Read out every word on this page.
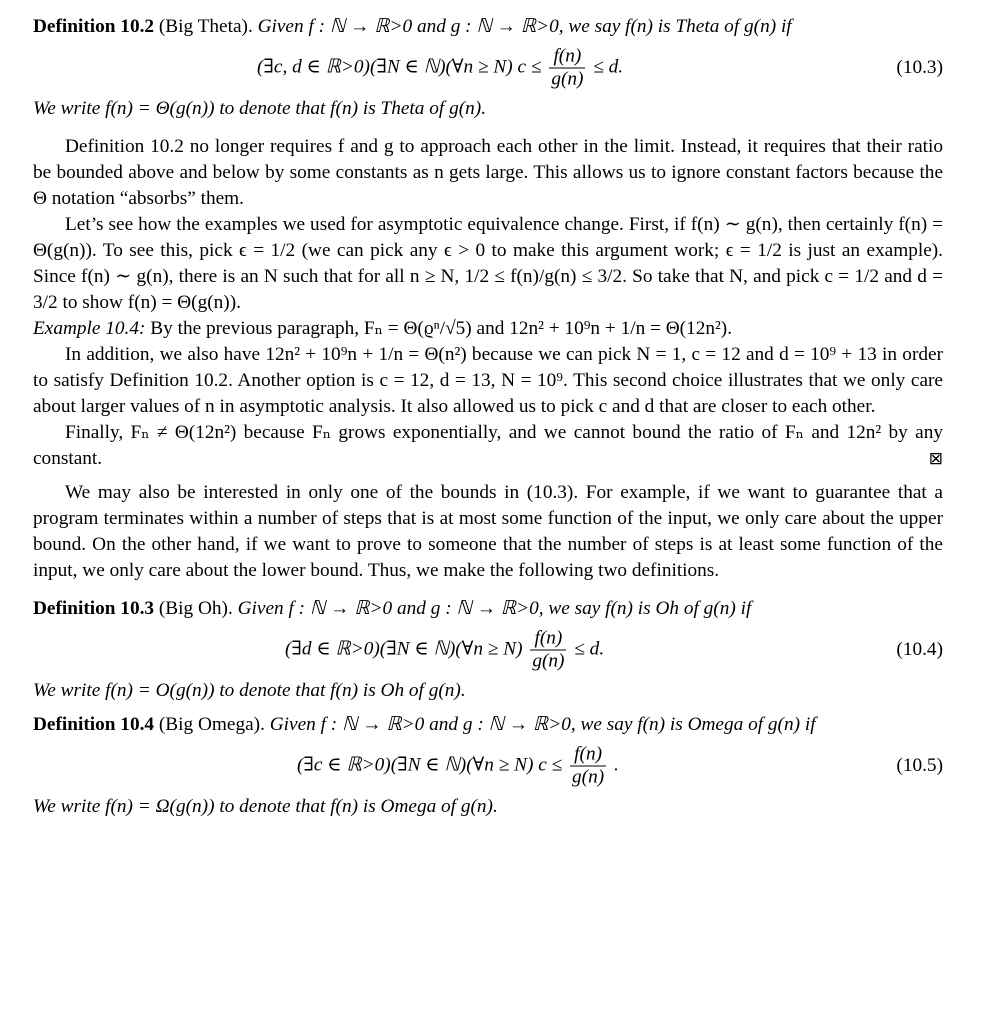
Definition 10.2 (Big Theta). Given f : ℕ → ℝ>0 and g : ℕ → ℝ>0, we say f(n) is Theta of g(n) if

(∃c, d ∈ ℝ>0)(∃N ∈ ℕ)(∀n ≥ N) $c \le \frac{f(n)}{g(n)} \le d$.	(10.3)

We write f(n) = Θ(g(n)) to denote that f(n) is Theta of g(n).

Definition 10.2 no longer requires f and g to approach each other in the limit. Instead, it requires that their ratio be bounded above and below by some constants as n gets large. This allows us to ignore constant factors because the Θ notation “absorbs” them.

Let’s see how the examples we used for asymptotic equivalence change. First, if f(n) ∼ g(n), then certainly f(n) = Θ(g(n)). To see this, pick ϵ = 1/2 (we can pick any ϵ > 0 to make this argument work; ϵ = 1/2 is just an example). Since f(n) ∼ g(n), there is an N such that for all n ≥ N, 1/2 ≤ f(n)/g(n) ≤ 3/2. So take that N, and pick c = 1/2 and d = 3/2 to show f(n) = Θ(g(n)).

Example 10.4: By the previous paragraph, Fₙ = Θ(ϱⁿ/√5) and 12n² + 10⁹n + 1/n = Θ(12n²).

In addition, we also have 12n² + 10⁹n + 1/n = Θ(n²) because we can pick N = 1, c = 12 and d = 10⁹ + 13 in order to satisfy Definition 10.2. Another option is c = 12, d = 13, N = 10⁹. This second choice illustrates that we only care about larger values of n in asymptotic analysis. It also allowed us to pick c and d that are closer to each other.

Finally, Fₙ ≠ Θ(12n²) because Fₙ grows exponentially, and we cannot bound the ratio of Fₙ and 12n² by any constant.	⊠

We may also be interested in only one of the bounds in (10.3). For example, if we want to guarantee that a program terminates within a number of steps that is at most some function of the input, we only care about the upper bound. On the other hand, if we want to prove to someone that the number of steps is at least some function of the input, we only care about the lower bound. Thus, we make the following two definitions.

Definition 10.3 (Big Oh). Given f : ℕ → ℝ>0 and g : ℕ → ℝ>0, we say f(n) is Oh of g(n) if

(∃d ∈ ℝ>0)(∃N ∈ ℕ)(∀n ≥ $N) \frac{f(n)}{g(n)} \le d$.	(10.4)

We write f(n) = O(g(n)) to denote that f(n) is Oh of g(n).

Definition 10.4 (Big Omega). Given f : ℕ → ℝ>0 and g : ℕ → ℝ>0, we say f(n) is Omega of g(n) if

(∃c ∈ ℝ>0)(∃N ∈ ℕ)(∀n ≥ N) $c \le \frac{f(n)}{g(n)}$ .	(10.5)

We write f(n) = Ω(g(n)) to denote that f(n) is Omega of g(n).
